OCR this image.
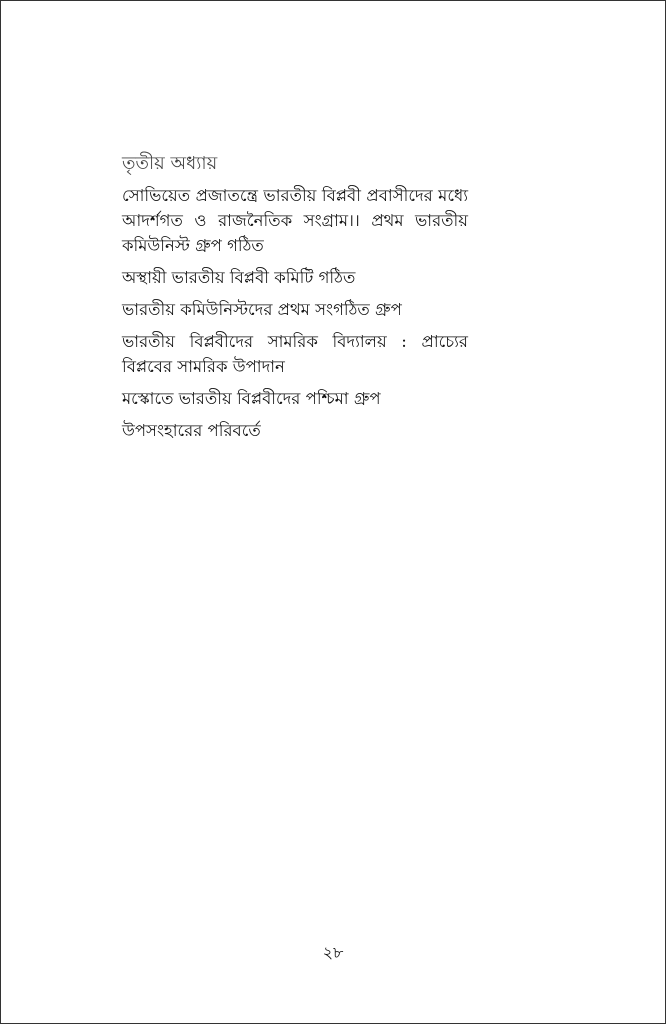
তৃতীয় অধ্যায়
সোভিয়েত প্রজাতন্ত্রে ভারতীয় বিপ্লবী প্রবাসীদের মধ্যে আদর্শগত ও রাজনৈতিক সংগ্রাম।। প্রথম ভারতীয় কমিউনিস্ট গ্রুপ গঠিত
অস্থায়ী ভারতীয় বিপ্লবী কমিটি গঠিত
ভারতীয় কমিউনিস্টদের প্রথম সংগঠিত গ্রুপ
ভারতীয় বিপ্লবীদের সামরিক বিদ্যালয় : প্রাচ্যের বিপ্লবের সামরিক উপাদান
মস্কোতে ভারতীয় বিপ্লবীদের পশ্চিমা গ্রুপ
উপসংহারের পরিবর্তে
২৮
